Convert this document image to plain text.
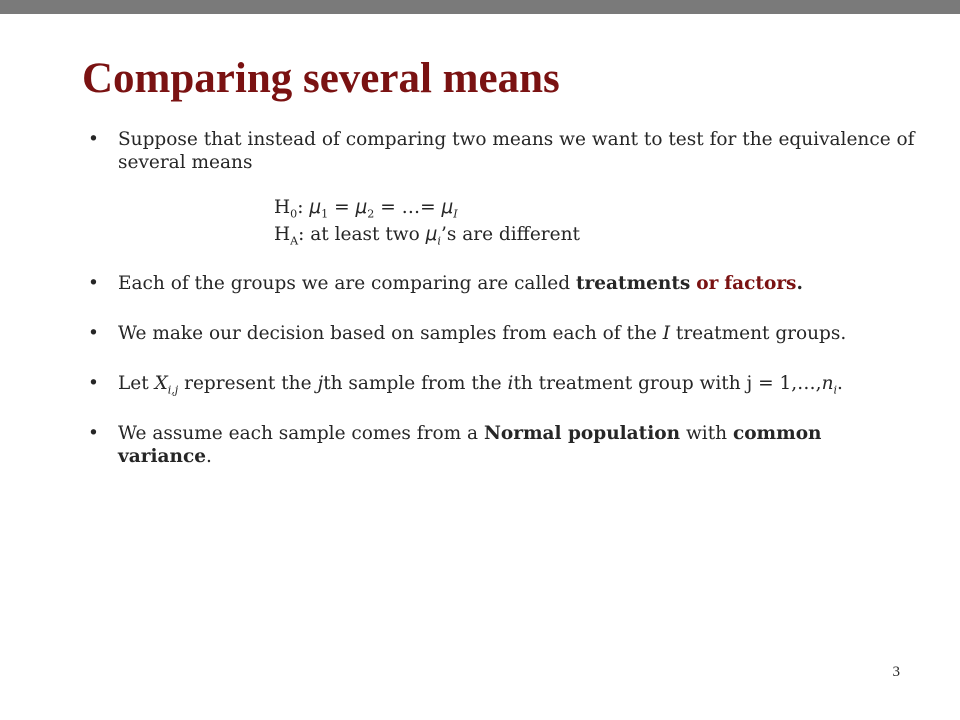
Comparing several means
• Suppose that instead of comparing two means we want to test for the equivalence of several means
$H_0$: $\mu_1 = \mu_2$ = …= $\mu_I$
$H_A$: at least two $\mu_i’s$ are different
• Each of the groups we are comparing are called treatments or factors.
• We make our decision based on samples from each of the I treatment groups.
• Let $X_{i,j}$ represent the jth sample from the ith treatment group with $j = 1,\dots,n_i$.
• We assume each sample comes from a Normal population with common variance.
3
